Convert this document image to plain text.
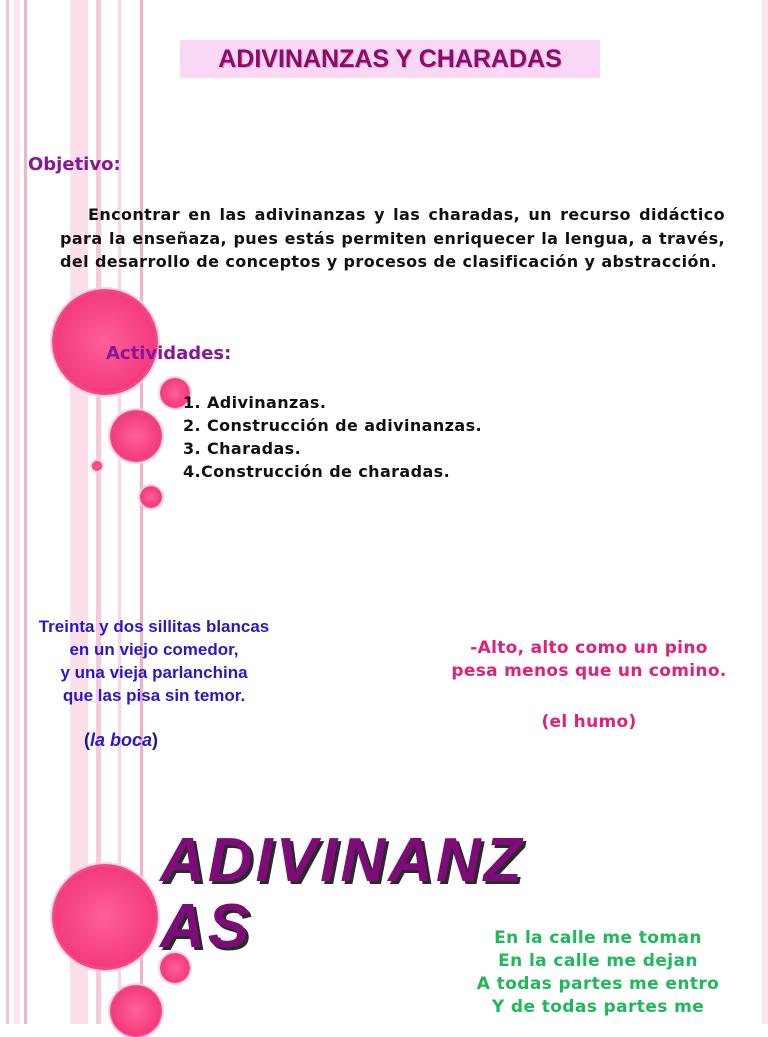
ADIVINANZAS Y CHARADAS
Objetivo:
Encontrar en las adivinanzas y las charadas, un recurso didáctico para la enseñaza, pues estás permiten enriquecer la lengua, a través, del desarrollo de conceptos y procesos de clasificación y abstracción.
Actividades:
1. Adivinanzas.
2. Construcción de adivinanzas.
3. Charadas.
4.Construcción de charadas.
Treinta y dos sillitas blancas
en un viejo comedor,
y una vieja parlanchina
que las pisa sin temor.
(la boca)
-Alto, alto como un pino
pesa menos que un comino.
(el humo)
ADIVINANZAS	En la calle me toman
En la calle me dejan
A todas partes me entro
Y de todas partes me
